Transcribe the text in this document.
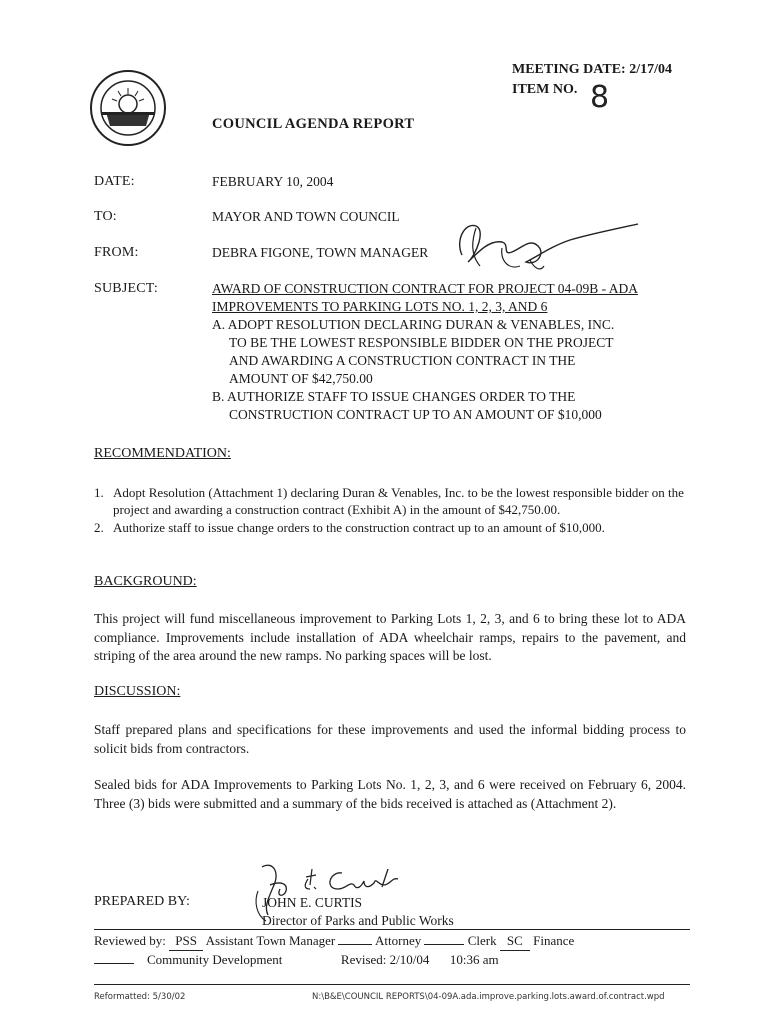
MEETING DATE: 2/17/04
ITEM NO. 8
COUNCIL AGENDA REPORT
DATE:	FEBRUARY 10, 2004
TO:	MAYOR AND TOWN COUNCIL
FROM:	DEBRA FIGONE, TOWN MANAGER
SUBJECT:	AWARD OF CONSTRUCTION CONTRACT FOR PROJECT 04-09B - ADA
IMPROVEMENTS TO PARKING LOTS NO. 1, 2, 3, AND 6
A. ADOPT RESOLUTION DECLARING DURAN & VENABLES, INC.
TO BE THE LOWEST RESPONSIBLE BIDDER ON THE PROJECT
AND AWARDING A CONSTRUCTION CONTRACT IN THE
AMOUNT OF $42,750.00
B. AUTHORIZE STAFF TO ISSUE CHANGES ORDER TO THE
CONSTRUCTION CONTRACT UP TO AN AMOUNT OF $10,000
RECOMMENDATION:
1. Adopt Resolution (Attachment 1) declaring Duran & Venables, Inc. to be the lowest responsible bidder on the project and awarding a construction contract (Exhibit A) in the amount of $42,750.00.
2. Authorize staff to issue change orders to the construction contract up to an amount of $10,000.
BACKGROUND:

This project will fund miscellaneous improvement to Parking Lots 1, 2, 3, and 6 to bring these lot to ADA compliance. Improvements include installation of ADA wheelchair ramps, repairs to the pavement, and striping of the area around the new ramps. No parking spaces will be lost.

DISCUSSION:

Staff prepared plans and specifications for these improvements and used the informal bidding process to solicit bids from contractors.

Sealed bids for ADA Improvements to Parking Lots No. 1, 2, 3, and 6 were received on February 6, 2004. Three (3) bids were submitted and a summary of the bids received is attached as (Attachment 2).

PREPARED BY:	JOHN E. CURTIS
Director of Parks and Public Works
Reviewed by: PSS Assistant Town Manager	Attorney	Clerk SC Finance
Community Development	Revised: 2/10/04 10:36 am
Reformatted: 5/30/02	N:\B&E\COUNCIL REPORTS\04-09A.ada.improve.parking.lots.award.of.contract.wpd
